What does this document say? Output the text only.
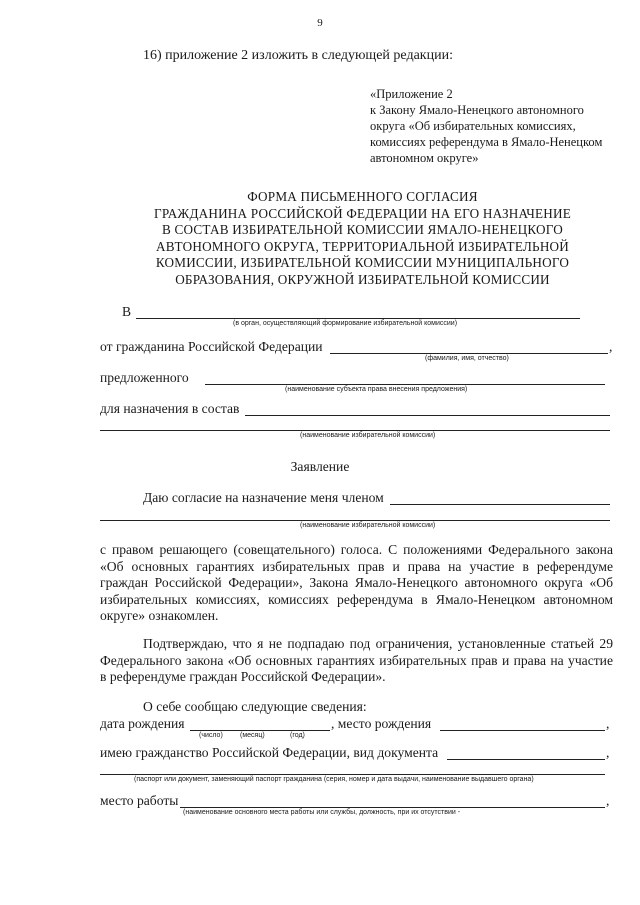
9
16) приложение 2 изложить в следующей редакции:
«Приложение 2
к Закону Ямало-Ненецкого автономного
округа «Об избирательных комиссиях,
комиссиях референдума в Ямало-Ненецком
автономном округе»
ФОРМА ПИСЬМЕННОГО СОГЛАСИЯ
ГРАЖДАНИНА РОССИЙСКОЙ ФЕДЕРАЦИИ НА ЕГО НАЗНАЧЕНИЕ
В СОСТАВ ИЗБИРАТЕЛЬНОЙ КОМИССИИ ЯМАЛО-НЕНЕЦКОГО
АВТОНОМНОГО ОКРУГА, ТЕРРИТОРИАЛЬНОЙ ИЗБИРАТЕЛЬНОЙ
КОМИССИИ, ИЗБИРАТЕЛЬНОЙ КОМИССИИ МУНИЦИПАЛЬНОГО
ОБРАЗОВАНИЯ, ОКРУЖНОЙ ИЗБИРАТЕЛЬНОЙ КОМИССИИ
В
(в орган, осуществляющий формирование избирательной комиссии)
от гражданина Российской Федерации	,
(фамилия, имя, отчество)
предложенного
(наименование субъекта права внесения предложения)
для назначения в состав
(наименование избирательной комиссии)
Заявление
Даю согласие на назначение меня членом
(наименование избирательной комиссии)
с правом решающего (совещательного) голоса. С положениями Федерального закона «Об основных гарантиях избирательных прав и права на участие в референдуме граждан Российской Федерации», Закона Ямало-Ненецкого автономного округа «Об избирательных комиссиях, комиссиях референдума в Ямало-Ненецком автономном округе» ознакомлен.
Подтверждаю, что я не подпадаю под ограничения, установленные статьей 29 Федерального закона «Об основных гарантиях избирательных прав и права на участие в референдуме граждан Российской Федерации».
О себе сообщаю следующие сведения:
дата рождения
(число) (месяц)	(год)
, место рождения	,
имею гражданство Российской Федерации, вид документа	,
(паспорт или документ, заменяющий паспорт гражданина (серия, номер и дата выдачи, наименование выдавшего органа)
место работы	,
(наименование основного места работы или службы, должность, при их отсутствии -
